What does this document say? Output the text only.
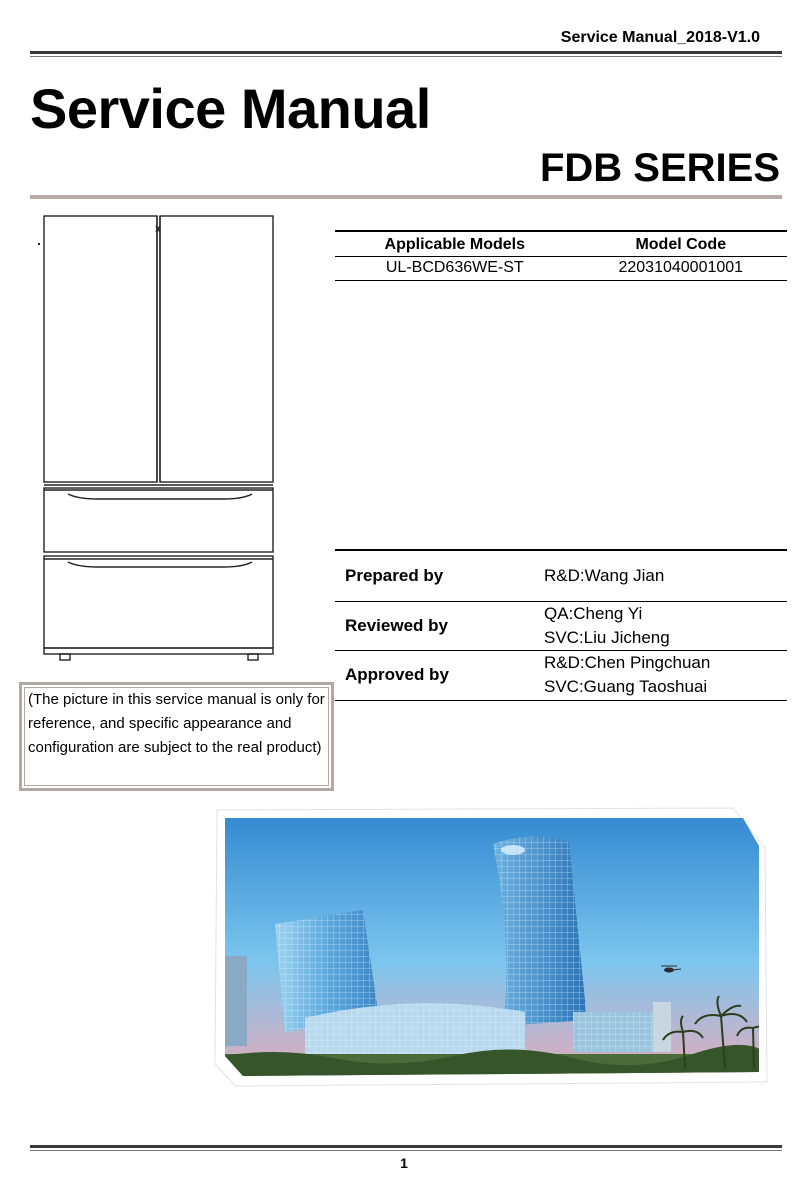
Service Manual_2018-V1.0
Service Manual
FDB SERIES
Applicable Models	Model Code
UL-BCD636WE-ST	22031040001001
Prepared by	R&D:Wang Jian

Reviewed by	QA:Cheng Yi
SVC:Liu Jicheng

Approved by	R&D:Chen Pingchuan
SVC:Guang Taoshuai
(The picture in this service manual is only for reference, and specific appearance and configuration are subject to the real product)
1
